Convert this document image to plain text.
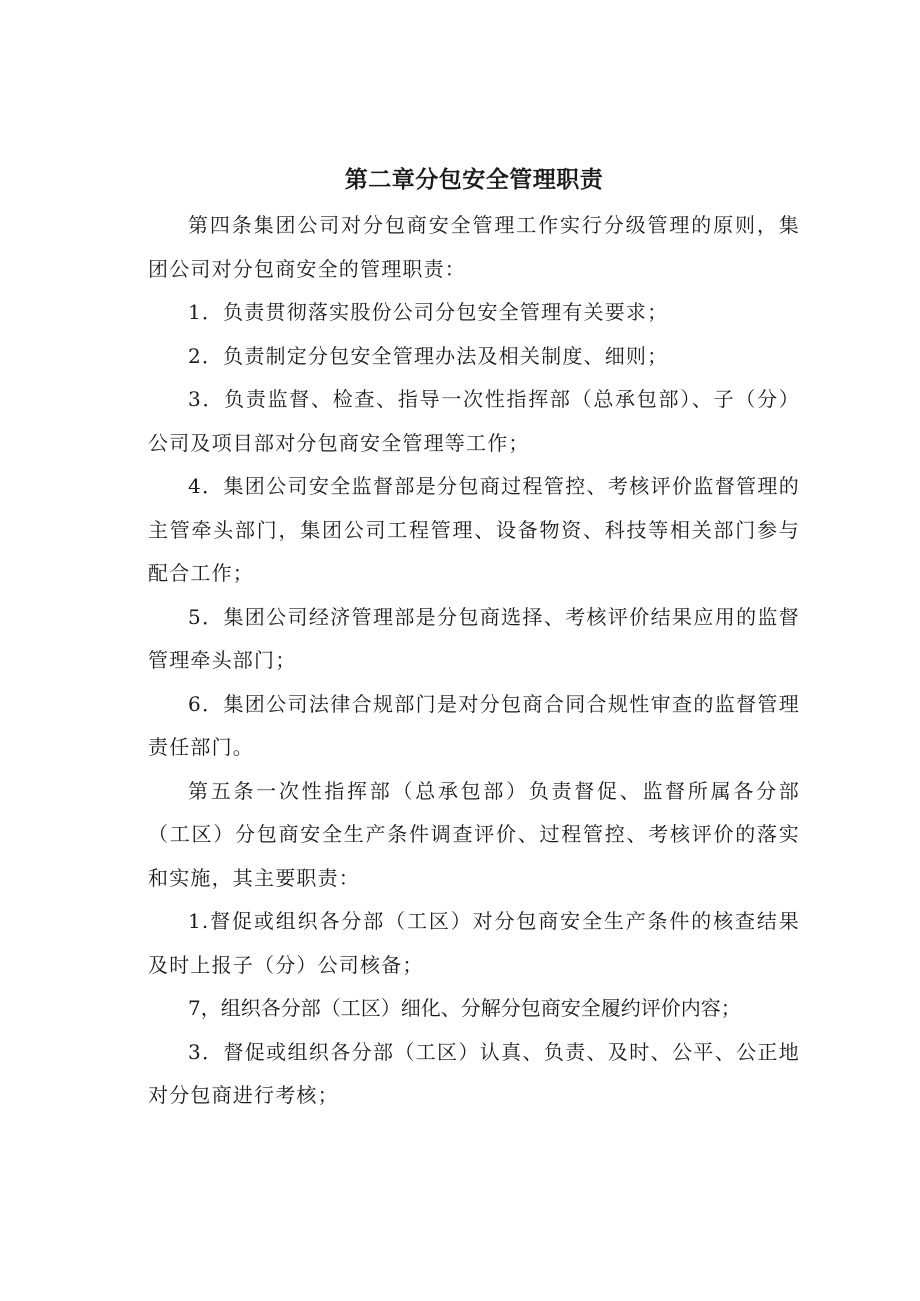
第二章分包安全管理职责

第四条集团公司对分包商安全管理工作实行分级管理的原则，集团公司对分包商安全的管理职责：

1．负责贯彻落实股份公司分包安全管理有关要求；

2．负责制定分包安全管理办法及相关制度、细则；

3．负责监督、检查、指导一次性指挥部（总承包部）、子（分）公司及项目部对分包商安全管理等工作；

4．集团公司安全监督部是分包商过程管控、考核评价监督管理的主管牵头部门，集团公司工程管理、设备物资、科技等相关部门参与配合工作；

5．集团公司经济管理部是分包商选择、考核评价结果应用的监督管理牵头部门；

6．集团公司法律合规部门是对分包商合同合规性审查的监督管理责任部门。

第五条一次性指挥部（总承包部）负责督促、监督所属各分部（工区）分包商安全生产条件调查评价、过程管控、考核评价的落实和实施，其主要职责：

1.督促或组织各分部（工区）对分包商安全生产条件的核查结果及时上报子（分）公司核备；

7，组织各分部（工区）细化、分解分包商安全履约评价内容；

3．督促或组织各分部（工区）认真、负责、及时、公平、公正地对分包商进行考核；
